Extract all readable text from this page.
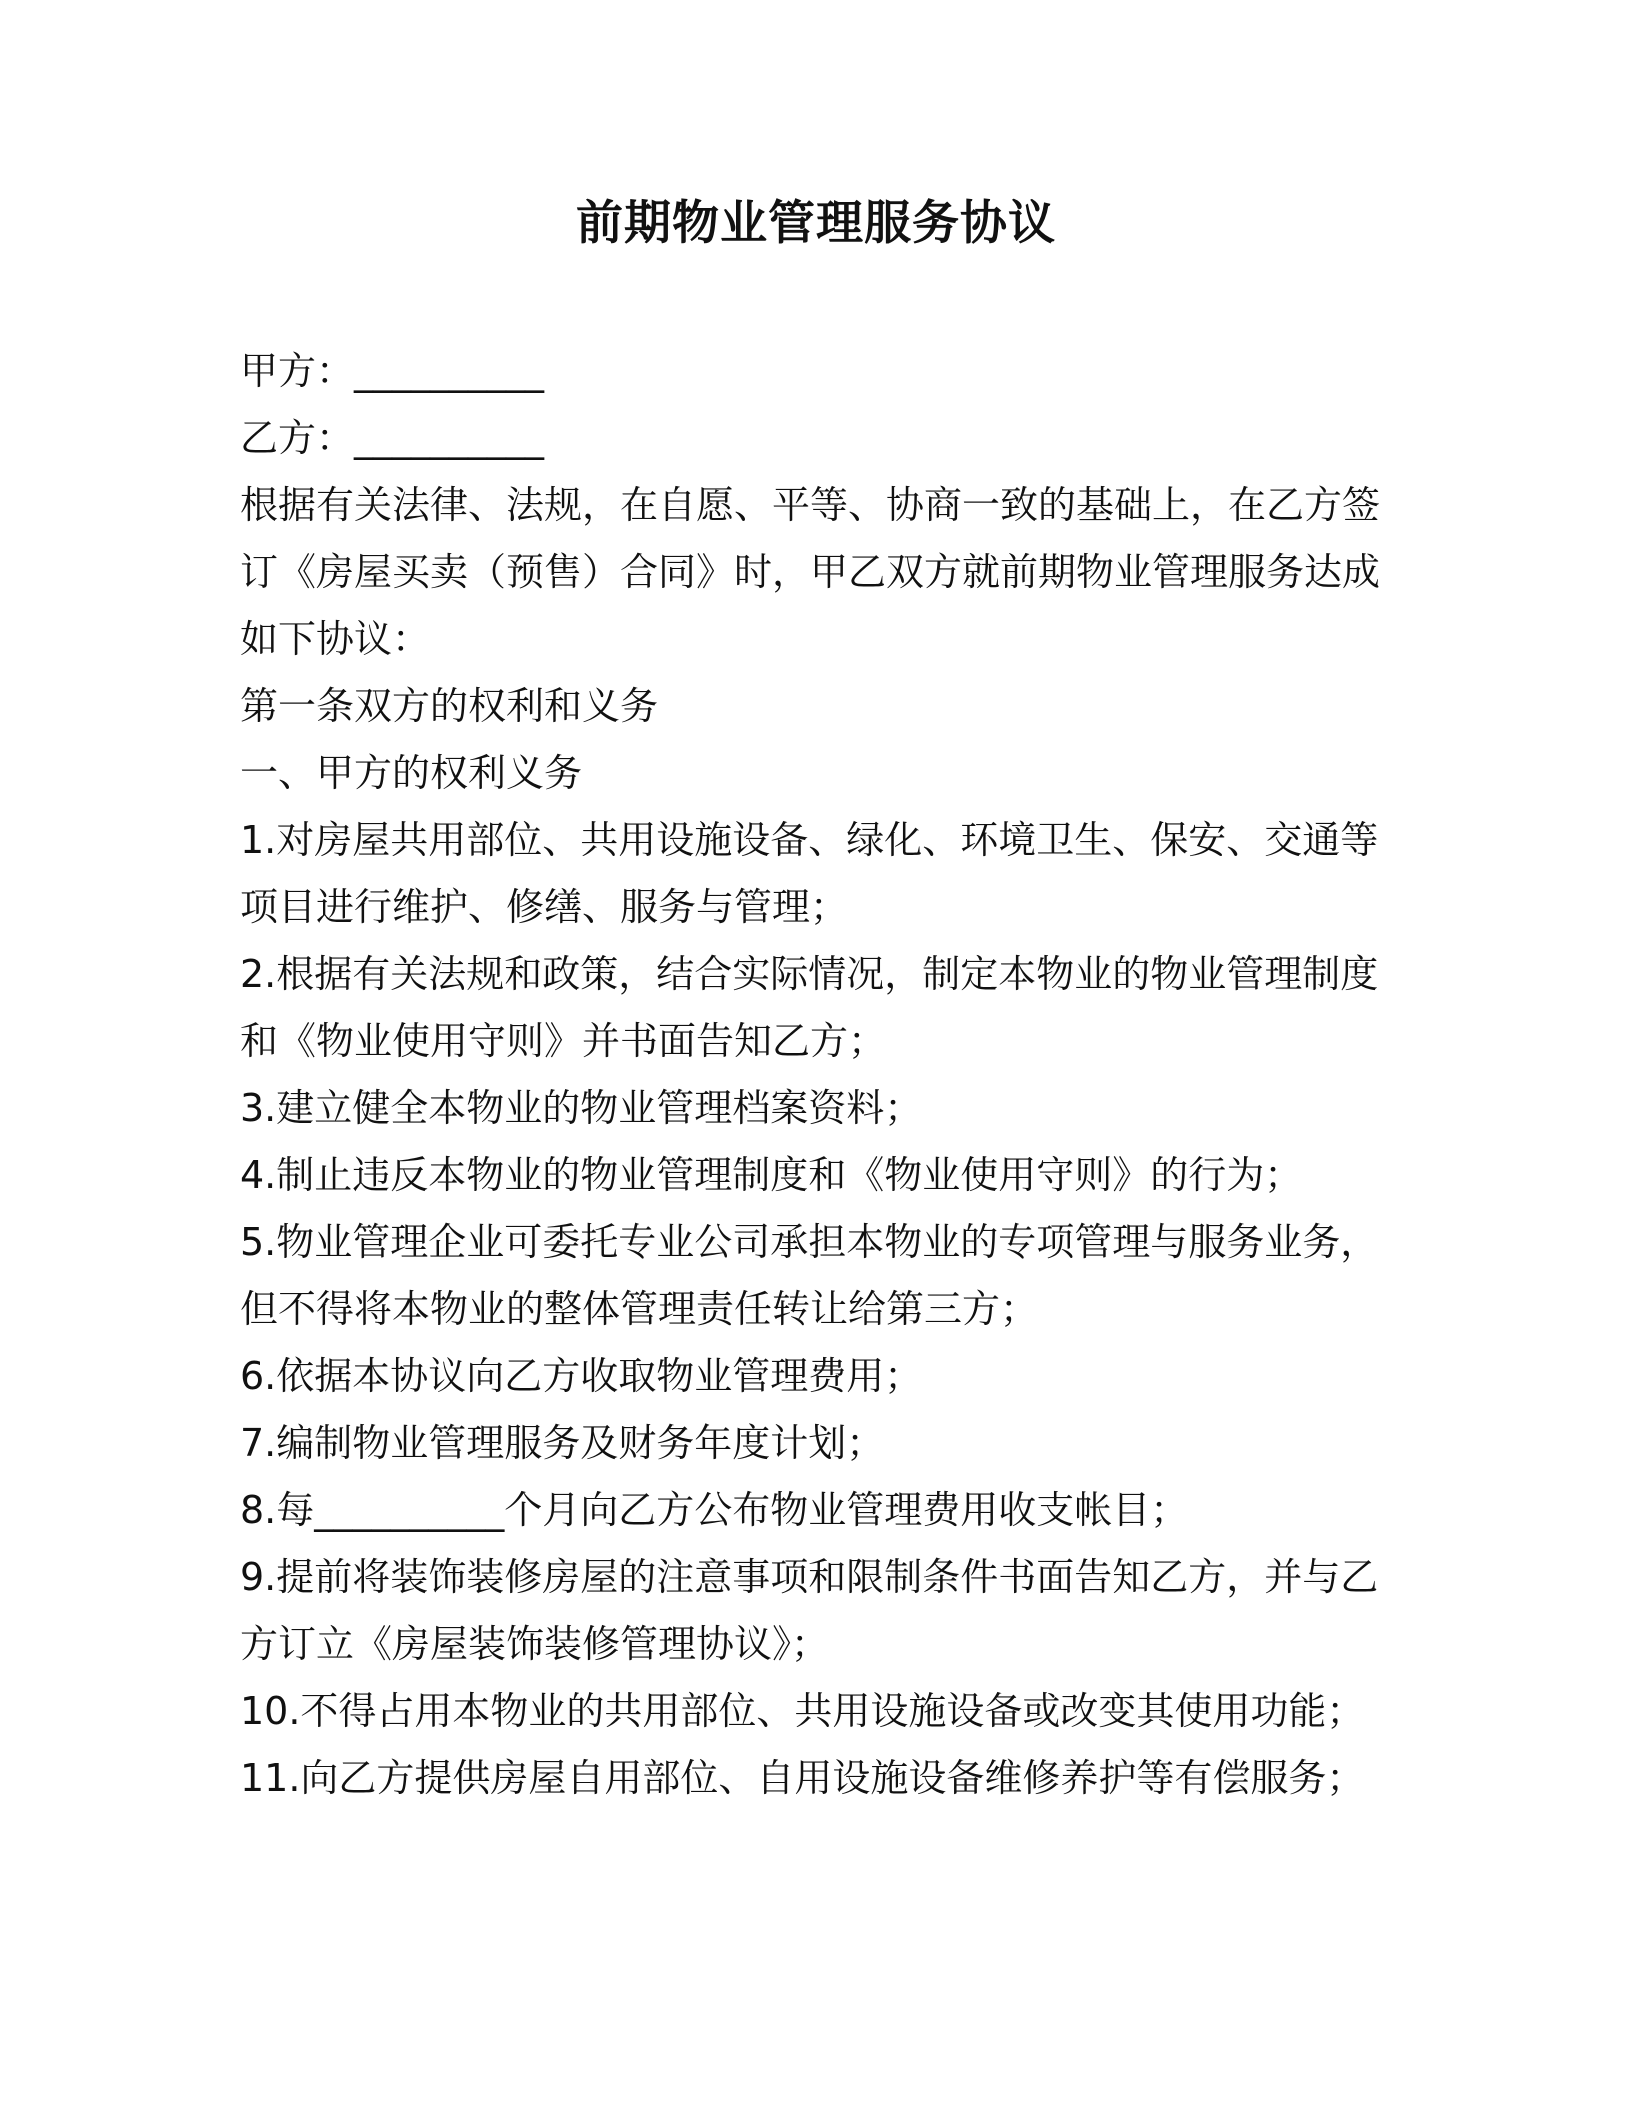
前期物业管理服务协议
甲方：__________
乙方：__________
根据有关法律、法规，在自愿、平等、协商一致的基础上，在乙方签
订《房屋买卖（预售）合同》时，甲乙双方就前期物业管理服务达成
如下协议：
第一条双方的权利和义务
一、甲方的权利义务
1.对房屋共用部位、共用设施设备、绿化、环境卫生、保安、交通等
项目进行维护、修缮、服务与管理；
2.根据有关法规和政策，结合实际情况，制定本物业的物业管理制度
和《物业使用守则》并书面告知乙方；
3.建立健全本物业的物业管理档案资料；
4.制止违反本物业的物业管理制度和《物业使用守则》的行为；
5.物业管理企业可委托专业公司承担本物业的专项管理与服务业务，
但不得将本物业的整体管理责任转让给第三方；
6.依据本协议向乙方收取物业管理费用；
7.编制物业管理服务及财务年度计划；
8.每__________个月向乙方公布物业管理费用收支帐目；
9.提前将装饰装修房屋的注意事项和限制条件书面告知乙方，并与乙
方订立《房屋装饰装修管理协议》；
10.不得占用本物业的共用部位、共用设施设备或改变其使用功能；
11.向乙方提供房屋自用部位、自用设施设备维修养护等有偿服务；
